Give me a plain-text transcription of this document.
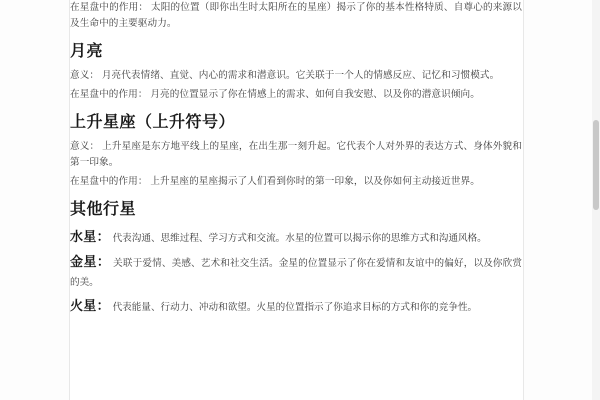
在星盘中的作用： 太阳的位置（即你出生时太阳所在的星座）揭示了你的基本性格特质、自尊心的来源以及生命中的主要驱动力。

月亮

意义： 月亮代表情绪、直觉、内心的需求和潜意识。它关联于一个人的情感反应、记忆和习惯模式。

在星盘中的作用： 月亮的位置显示了你在情感上的需求、如何自我安慰、以及你的潜意识倾向。

上升星座（上升符号）

意义： 上升星座是东方地平线上的星座，在出生那一刻升起。它代表个人对外界的表达方式、身体外貌和第一印象。

在星盘中的作用： 上升星座的星座揭示了人们看到你时的第一印象，以及你如何主动接近世界。

其他行星

水星： 代表沟通、思维过程、学习方式和交流。水星的位置可以揭示你的思维方式和沟通风格。

金星： 关联于爱情、美感、艺术和社交生活。金星的位置显示了你在爱情和友谊中的偏好，以及你欣赏的美。

火星： 代表能量、行动力、冲动和欲望。火星的位置指示了你追求目标的方式和你的竞争性。
